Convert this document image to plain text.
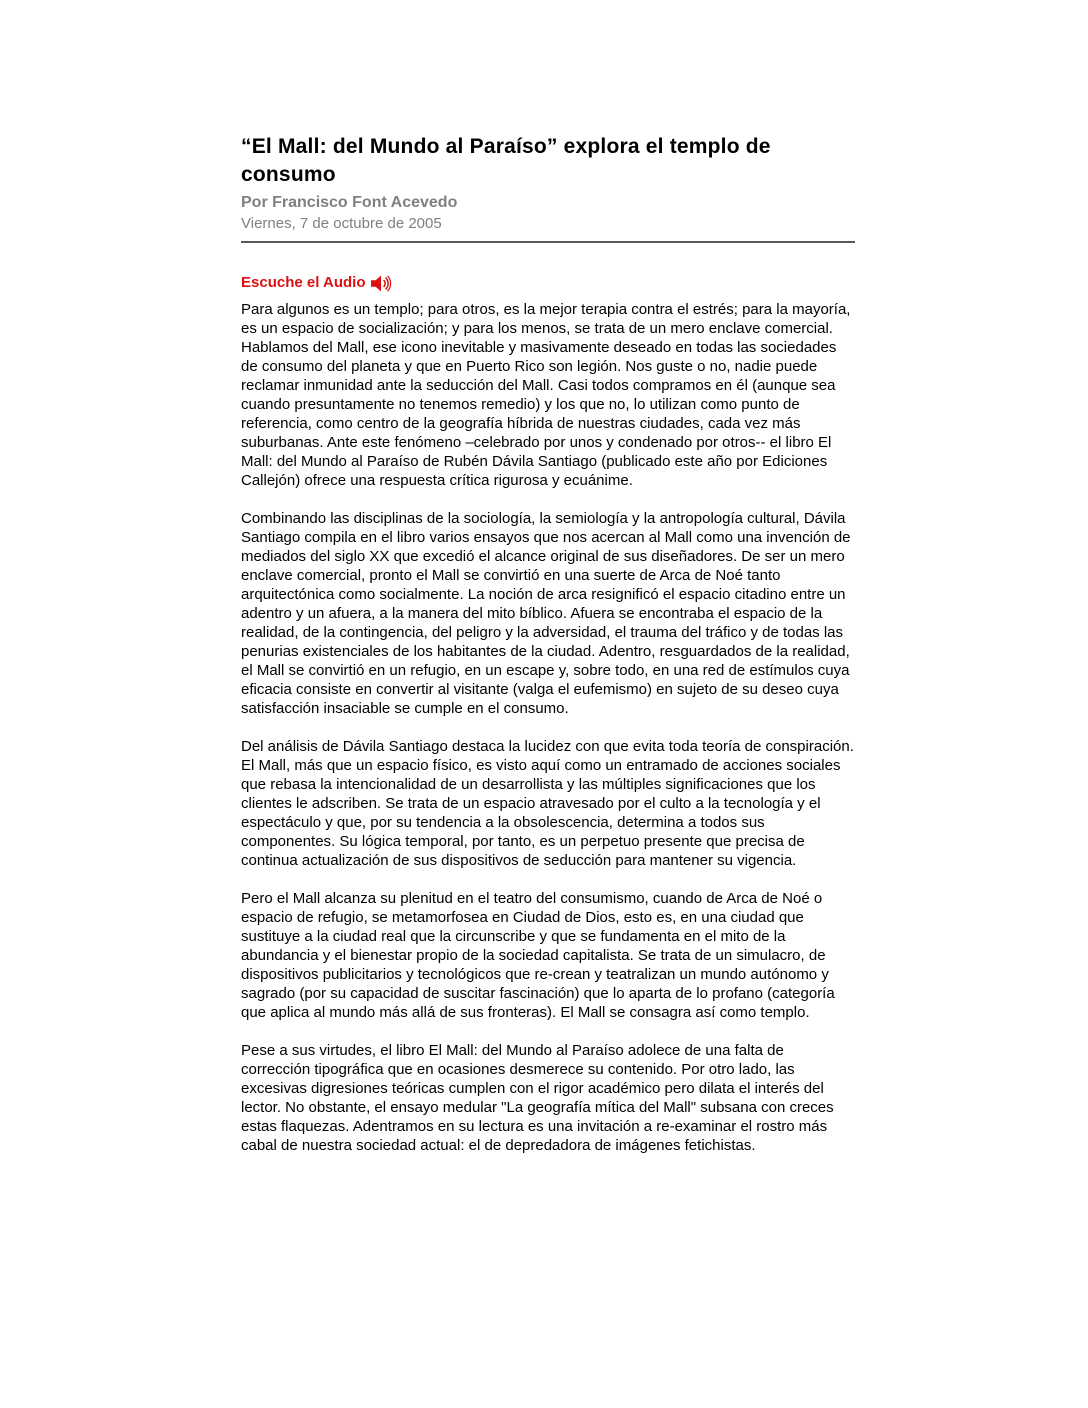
“El Mall: del Mundo al Paraíso” explora el templo de consumo
Por Francisco Font Acevedo
Viernes, 7 de octubre de 2005
Escuche el Audio

Para algunos es un templo; para otros, es la mejor terapia contra el estrés; para la mayoría, es un espacio de socialización; y para los menos, se trata de un mero enclave comercial. Hablamos del Mall, ese icono inevitable y masivamente deseado en todas las sociedades de consumo del planeta y que en Puerto Rico son legión. Nos guste o no, nadie puede reclamar inmunidad ante la seducción del Mall. Casi todos compramos en él (aunque sea cuando presuntamente no tenemos remedio) y los que no, lo utilizan como punto de referencia, como centro de la geografía híbrida de nuestras ciudades, cada vez más suburbanas. Ante este fenómeno –celebrado por unos y condenado por otros-- el libro El Mall: del Mundo al Paraíso de Rubén Dávila Santiago (publicado este año por Ediciones Callejón) ofrece una respuesta crítica rigurosa y ecuánime.

Combinando las disciplinas de la sociología, la semiología y la antropología cultural, Dávila Santiago compila en el libro varios ensayos que nos acercan al Mall como una invención de mediados del siglo XX que excedió el alcance original de sus diseñadores. De ser un mero enclave comercial, pronto el Mall se convirtió en una suerte de Arca de Noé tanto arquitectónica como socialmente. La noción de arca resignificó el espacio citadino entre un adentro y un afuera, a la manera del mito bíblico. Afuera se encontraba el espacio de la realidad, de la contingencia, del peligro y la adversidad, el trauma del tráfico y de todas las penurias existenciales de los habitantes de la ciudad. Adentro, resguardados de la realidad, el Mall se convirtió en un refugio, en un escape y, sobre todo, en una red de estímulos cuya eficacia consiste en convertir al visitante (valga el eufemismo) en sujeto de su deseo cuya satisfacción insaciable se cumple en el consumo.

Del análisis de Dávila Santiago destaca la lucidez con que evita toda teoría de conspiración. El Mall, más que un espacio físico, es visto aquí como un entramado de acciones sociales que rebasa la intencionalidad de un desarrollista y las múltiples significaciones que los clientes le adscriben. Se trata de un espacio atravesado por el culto a la tecnología y el espectáculo y que, por su tendencia a la obsolescencia, determina a todos sus componentes. Su lógica temporal, por tanto, es un perpetuo presente que precisa de continua actualización de sus dispositivos de seducción para mantener su vigencia.

Pero el Mall alcanza su plenitud en el teatro del consumismo, cuando de Arca de Noé o espacio de refugio, se metamorfosea en Ciudad de Dios, esto es, en una ciudad que sustituye a la ciudad real que la circunscribe y que se fundamenta en el mito de la abundancia y el bienestar propio de la sociedad capitalista. Se trata de un simulacro, de dispositivos publicitarios y tecnológicos que re-crean y teatralizan un mundo autónomo y sagrado (por su capacidad de suscitar fascinación) que lo aparta de lo profano (categoría que aplica al mundo más allá de sus fronteras). El Mall se consagra así como templo.

Pese a sus virtudes, el libro El Mall: del Mundo al Paraíso adolece de una falta de corrección tipográfica que en ocasiones desmerece su contenido. Por otro lado, las excesivas digresiones teóricas cumplen con el rigor académico pero dilata el interés del lector. No obstante, el ensayo medular "La geografía mítica del Mall" subsana con creces estas flaquezas. Adentramos en su lectura es una invitación a re-examinar el rostro más cabal de nuestra sociedad actual: el de depredadora de imágenes fetichistas.
